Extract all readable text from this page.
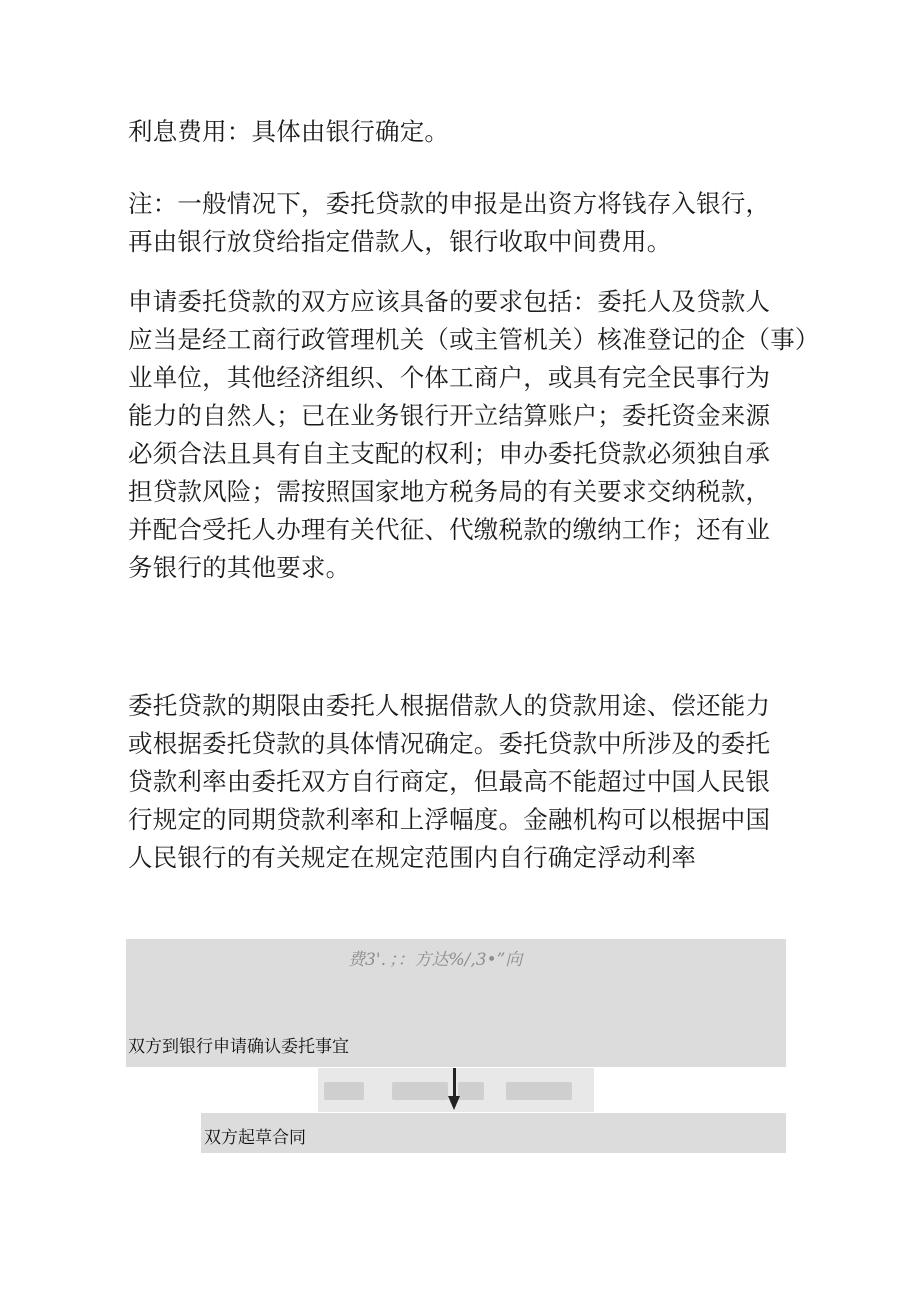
利息费用：具体由银行确定。
注：一般情况下，委托贷款的申报是出资方将钱存入银行，
再由银行放贷给指定借款人，银行收取中间费用。
申请委托贷款的双方应该具备的要求包括：委托人及贷款人
应当是经工商行政管理机关（或主管机关）核准登记的企（事）
业单位，其他经济组织、个体工商户，或具有完全民事行为
能力的自然人；已在业务银行开立结算账户；委托资金来源
必须合法且具有自主支配的权利；申办委托贷款必须独自承
担贷款风险；需按照国家地方税务局的有关要求交纳税款，
并配合受托人办理有关代征、代缴税款的缴纳工作；还有业
务银行的其他要求。
委托贷款的期限由委托人根据借款人的贷款用途、偿还能力
或根据委托贷款的具体情况确定。委托贷款中所涉及的委托
贷款利率由委托双方自行商定，但最高不能超过中国人民银
行规定的同期贷款利率和上浮幅度。金融机构可以根据中国
人民银行的有关规定在规定范围内自行确定浮动利率
费3'．；：方达%/,3•”向
双方到银行申请确认委托事宜
双方起草合同
